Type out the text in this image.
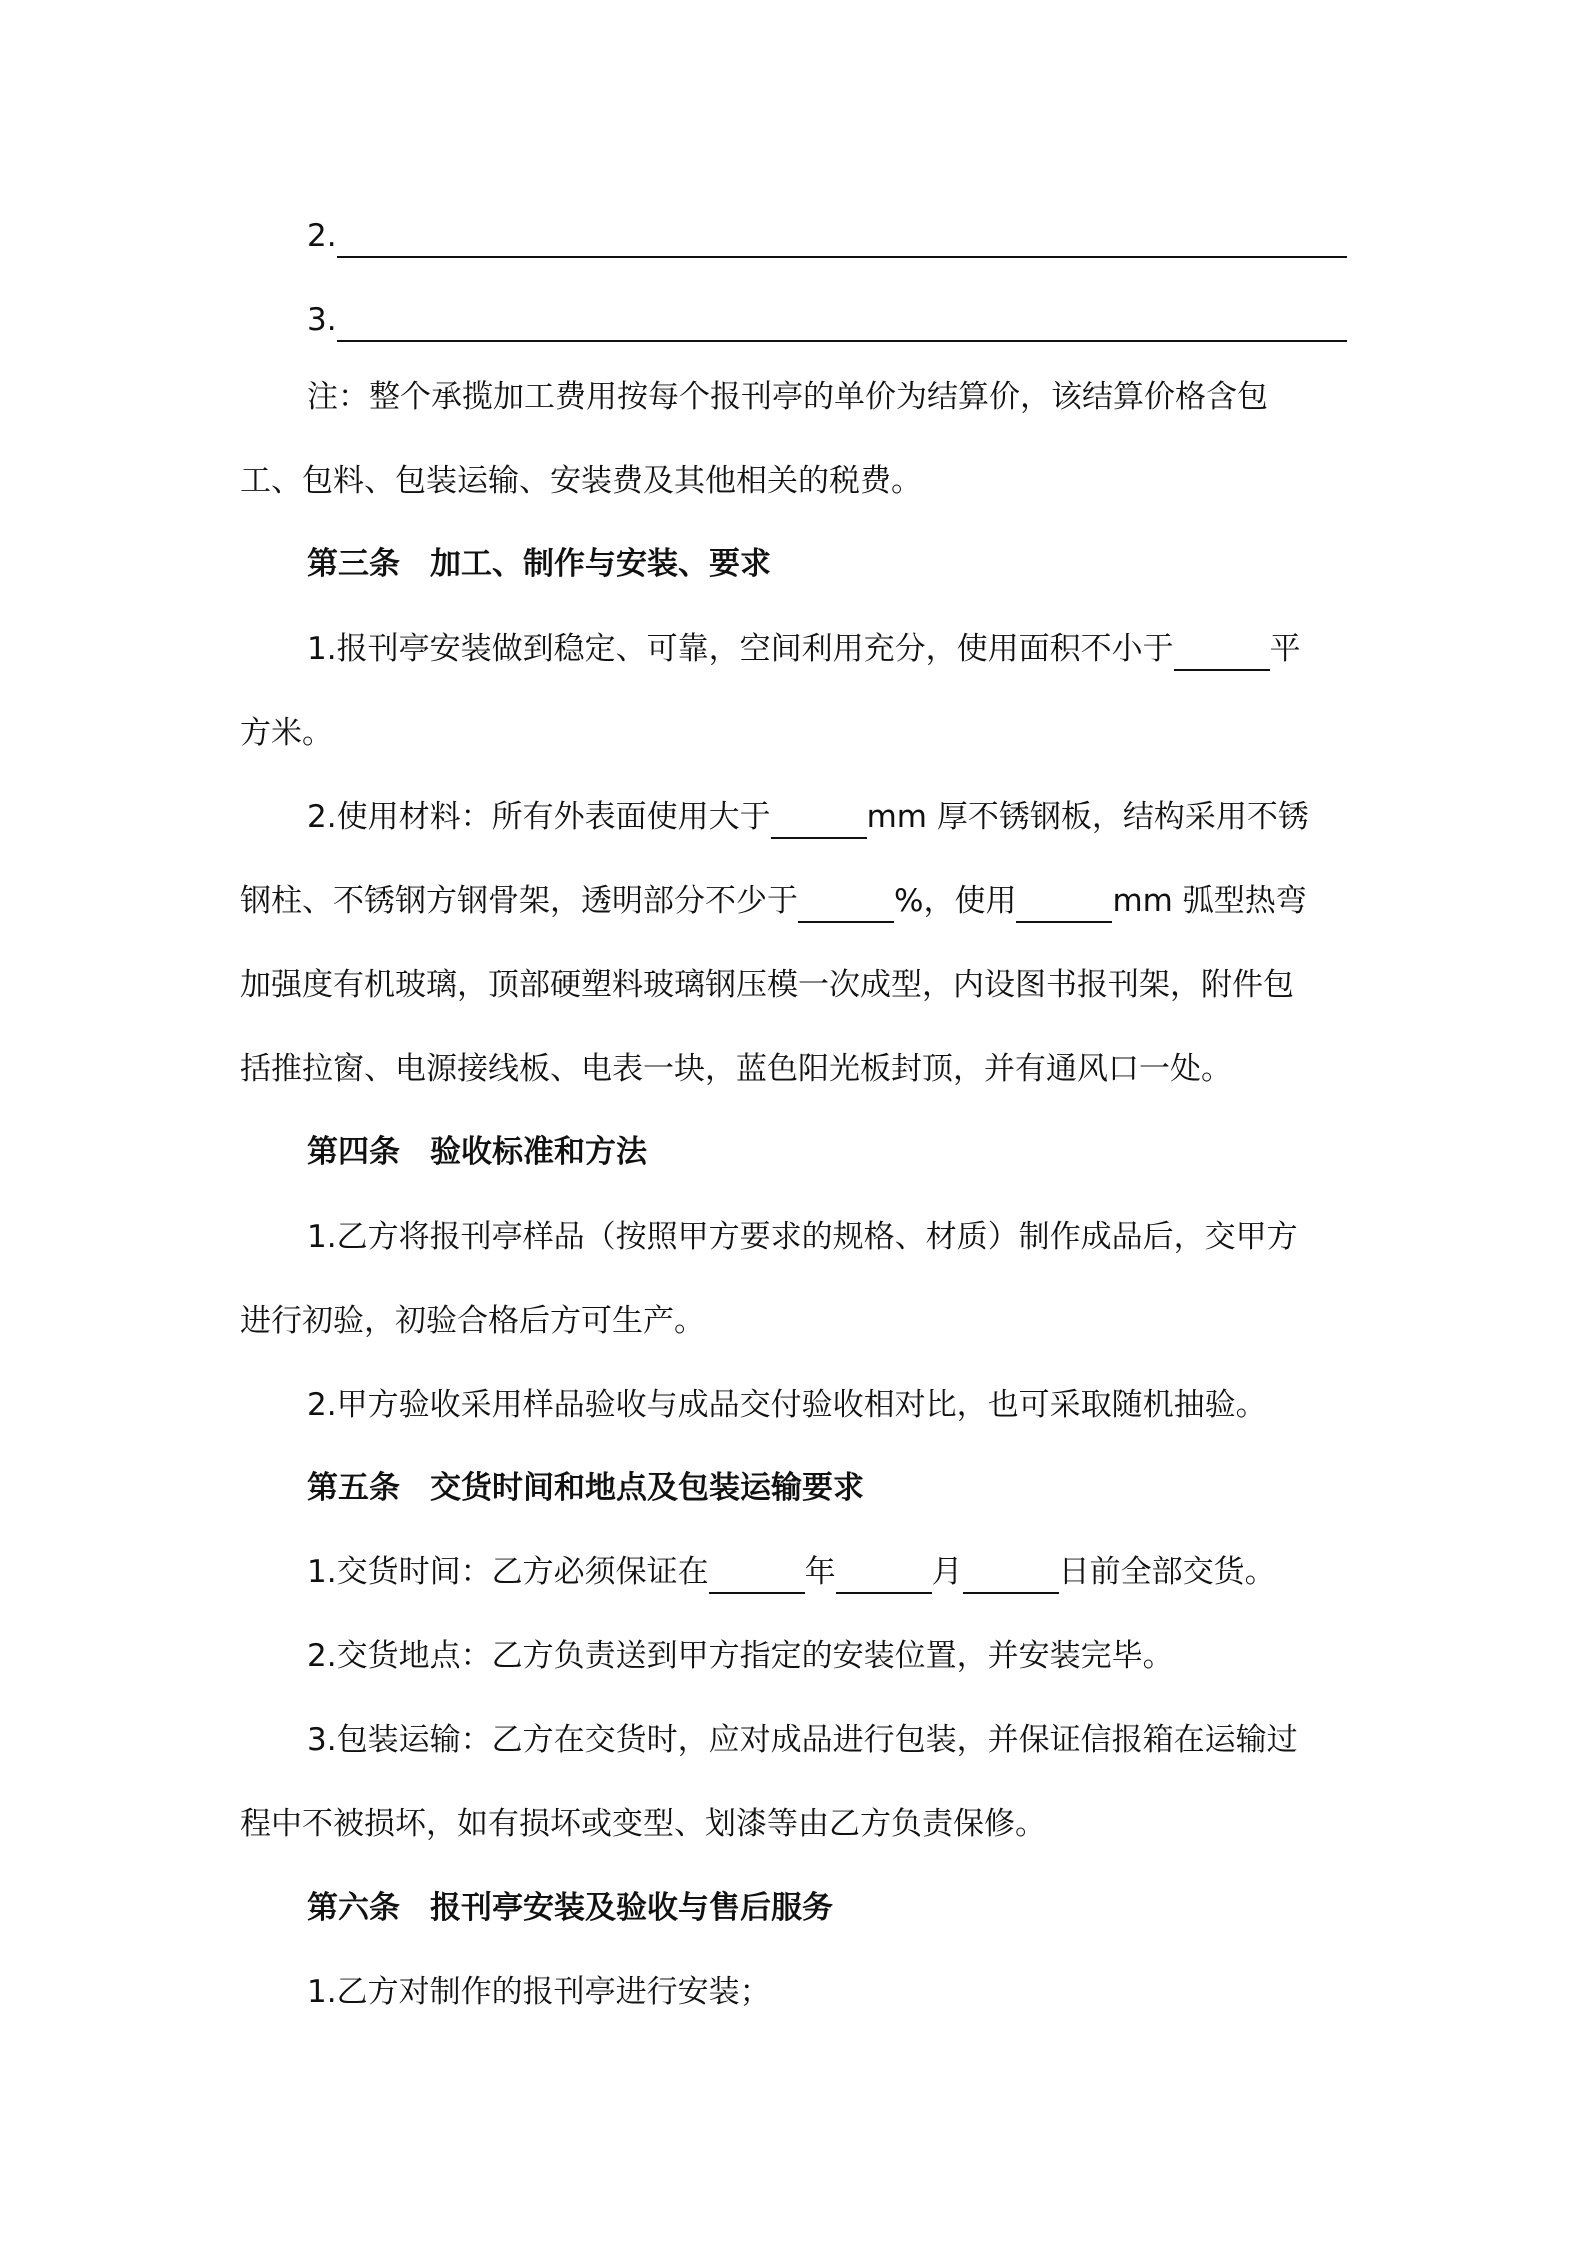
2.
3.
注：整个承揽加工费用按每个报刊亭的单价为结算价，该结算价格含包
工、包料、包装运输、安装费及其他相关的税费。
第三条 加工、制作与安装、要求
1.报刊亭安装做到稳定、可靠，空间利用充分，使用面积不小于	平
方米。
2.使用材料：所有外表面使用大于	mm 厚不锈钢板，结构采用不锈
钢柱、不锈钢方钢骨架，透明部分不少于	%，使用	mm 弧型热弯
加强度有机玻璃，顶部硬塑料玻璃钢压模一次成型，内设图书报刊架，附件包
括推拉窗、电源接线板、电表一块，蓝色阳光板封顶，并有通风口一处。
第四条 验收标准和方法
1.乙方将报刊亭样品（按照甲方要求的规格、材质）制作成品后，交甲方
进行初验，初验合格后方可生产。
2.甲方验收采用样品验收与成品交付验收相对比，也可采取随机抽验。
第五条 交货时间和地点及包装运输要求
1.交货时间：乙方必须保证在	年	月	日前全部交货。
2.交货地点：乙方负责送到甲方指定的安装位置，并安装完毕。
3.包装运输：乙方在交货时，应对成品进行包装，并保证信报箱在运输过
程中不被损坏，如有损坏或变型、划漆等由乙方负责保修。
第六条 报刊亭安装及验收与售后服务
1.乙方对制作的报刊亭进行安装；
